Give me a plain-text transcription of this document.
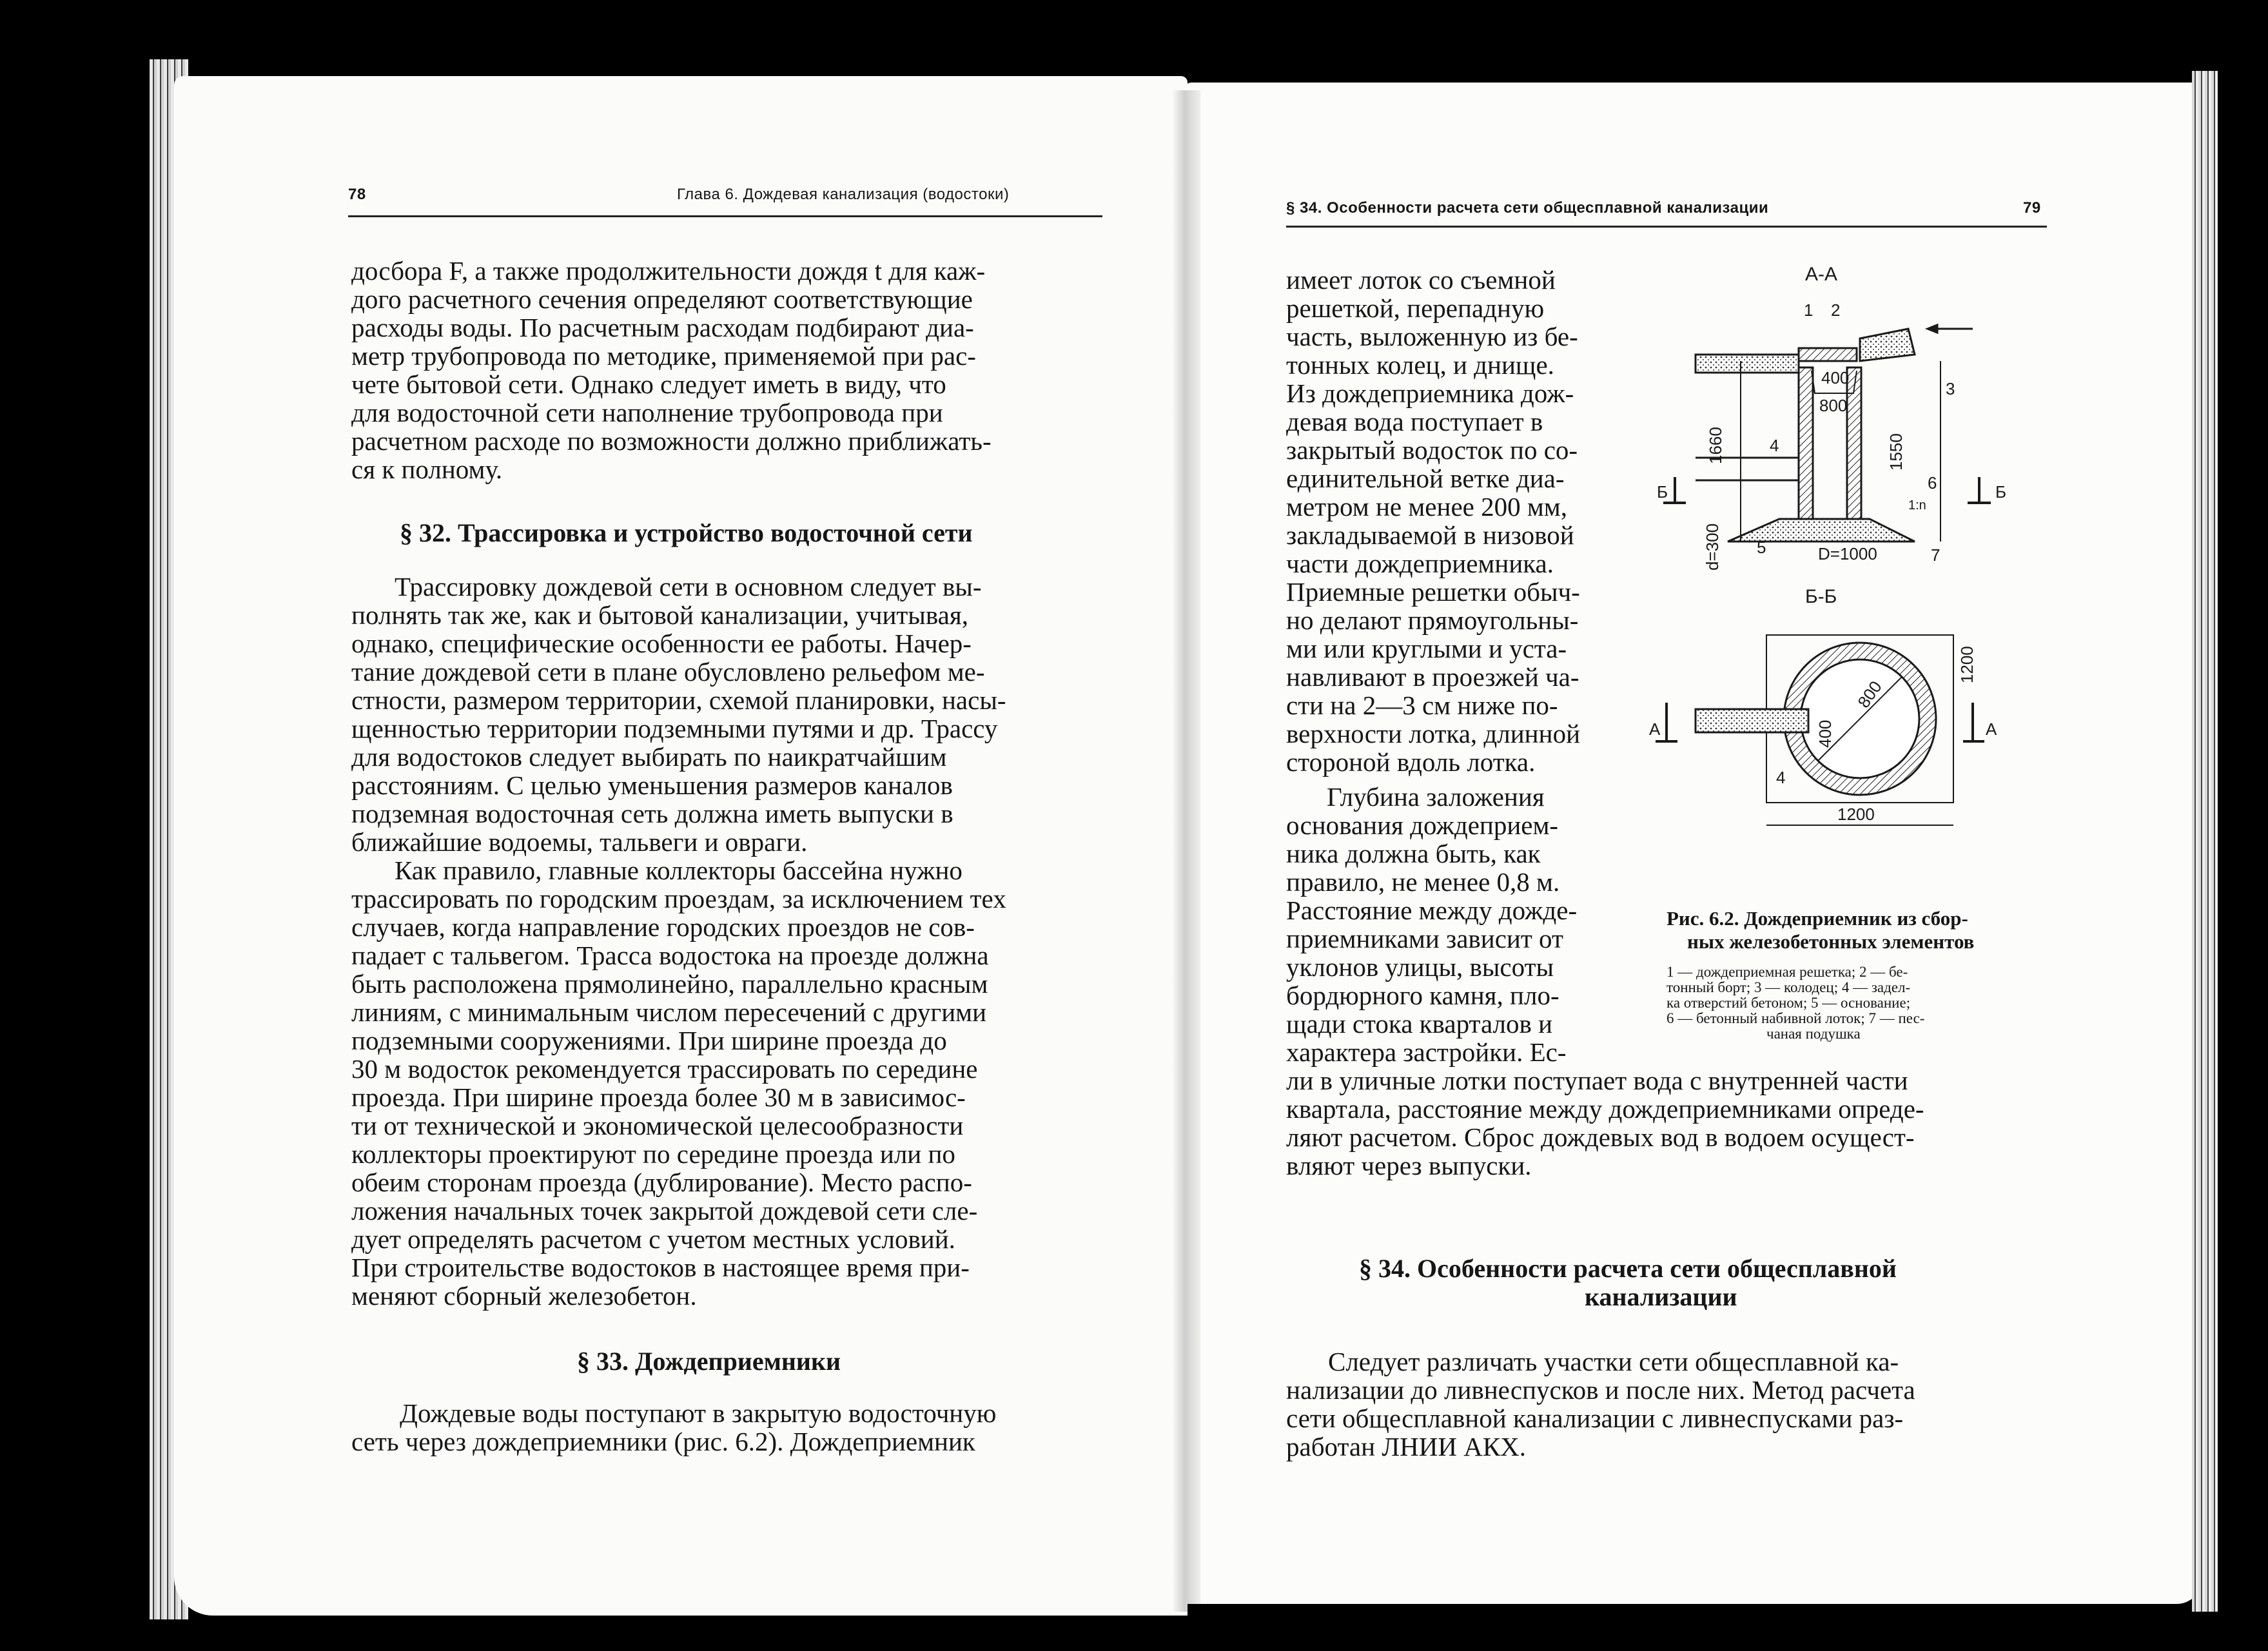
78	Глава 6. Дождевая канализация (водостоки)
досбора F, а также продолжительности дождя t для каж-
дого расчетного сечения определяют соответствующие
расходы воды. По расчетным расходам подбирают диа-
метр трубопровода по методике, применяемой при рас-
чете бытовой сети. Однако следует иметь в виду, что
для водосточной сети наполнение трубопровода при
расчетном расходе по возможности должно приближать-
ся к полному.
§ 32. Трассировка и устройство водосточной сети
Трассировку дождевой сети в основном следует вы-
полнять так же, как и бытовой канализации, учитывая,
однако, специфические особенности ее работы. Начер-
тание дождевой сети в плане обусловлено рельефом ме-
стности, размером территории, схемой планировки, насы-
щенностью территории подземными путями и др. Трассу
для водостоков следует выбирать по наикратчайшим
расстояниям. С целью уменьшения размеров каналов
подземная водосточная сеть должна иметь выпуски в
ближайшие водоемы, тальвеги и овраги.
Как правило, главные коллекторы бассейна нужно
трассировать по городским проездам, за исключением тех
случаев, когда направление городских проездов не сов-
падает с тальвегом. Трасса водостока на проезде должна
быть расположена прямолинейно, параллельно красным
линиям, с минимальным числом пересечений с другими
подземными сооружениями. При ширине проезда до
30 м водосток рекомендуется трассировать по середине
проезда. При ширине проезда более 30 м в зависимос-
ти от технической и экономической целесообразности
коллекторы проектируют по середине проезда или по
обеим сторонам проезда (дублирование). Место распо-
ложения начальных точек закрытой дождевой сети сле-
дует определять расчетом с учетом местных условий.
При строительстве водостоков в настоящее время при-
меняют сборный железобетон.
§ 33. Дождеприемники
Дождевые воды поступают в закрытую водосточную
сеть через дождеприемники (рис. 6.2). Дождеприемник
§ 34. Особенности расчета сети общесплавной канализации	79
имеет лоток со съемной
решеткой, перепадную
часть, выложенную из бе-
тонных колец, и днище.
Из дождеприемника дож-
девая вода поступает в
закрытый водосток по со-
единительной ветке диа-
метром не менее 200 мм,
закладываемой в низовой
части дождеприемника.
Приемные решетки обыч-
но делают прямоугольны-
ми или круглыми и уста-
навливают в проезжей ча-
сти на 2—3 см ниже по-
верхности лотка, длинной
стороной вдоль лотка.
Глубина заложения
основания дождеприем-
ника должна быть, как
правило, не менее 0,8 м.
Расстояние между дожде-
приемниками зависит от
уклонов улицы, высоты
бордюрного камня, пло-
щади стока кварталов и
характера застройки. Ес-
ли в уличные лотки поступает вода с внутренней части
квартала, расстояние между дождеприемниками опреде-
ляют расчетом. Сброс дождевых вод в водоем осущест-
вляют через выпуски.
§ 34. Особенности расчета сети общесплавной
канализации
Следует различать участки сети общесплавной ка-
нализации до ливнеспусков и после них. Метод расчета
сети общесплавной канализации с ливнеспусками раз-
работан ЛНИИ АКХ.
А-А
1 2
3
4
5
6
7
400
800
1660	1550
d=300	D=1000
1:n
Б	Б
Б-Б
400
800
1200
1200
4
А	А
Рис. 6.2. Дождеприемник из сбор-
ных железобетонных элементов
1 — дождеприемная решетка; 2 — бе-
тонный борт; 3 — колодец; 4 — задел-
ка отверстий бетоном; 5 — основание;
6 — бетонный набивной лоток; 7 — пес-
чаная подушка
